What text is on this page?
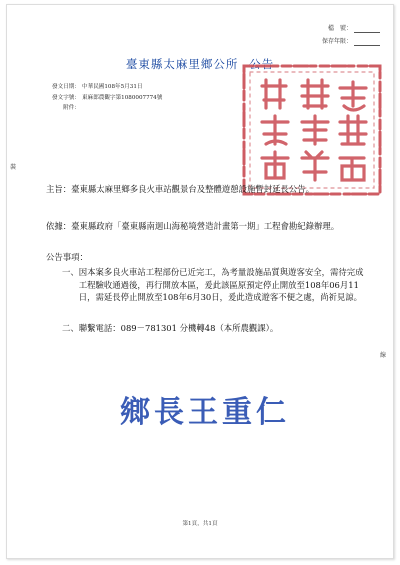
檔　號：
保存年限：
臺東縣太麻里鄉公所 公告
發文日期： 中華民國108年5月31日
發文字號： 東麻郎農觀字第1080007774號
附件：
裝
線
主旨： 臺東縣太麻里鄉多良火車站觀景台及整體遊憩設施暫封延長公告。
依據： 臺東縣政府「臺東縣南迴山海秘境營造計畫第一期」工程會勘紀錄辦理。
公告事項：
一、 因本案多良火車站工程部份已近完工，為考量設施品質與遊客安全，需待完成工程驗收通過後，再行開放本區，爰此該區原預定停止開放至108年06月11日，需延長停止開放至108年6月30日，爰此造成遊客不便之處，尚祈見諒。
二、 聯繫電話：089－781301 分機轉48（本所農觀課）。
鄉長王重仁
第1頁，共1頁
